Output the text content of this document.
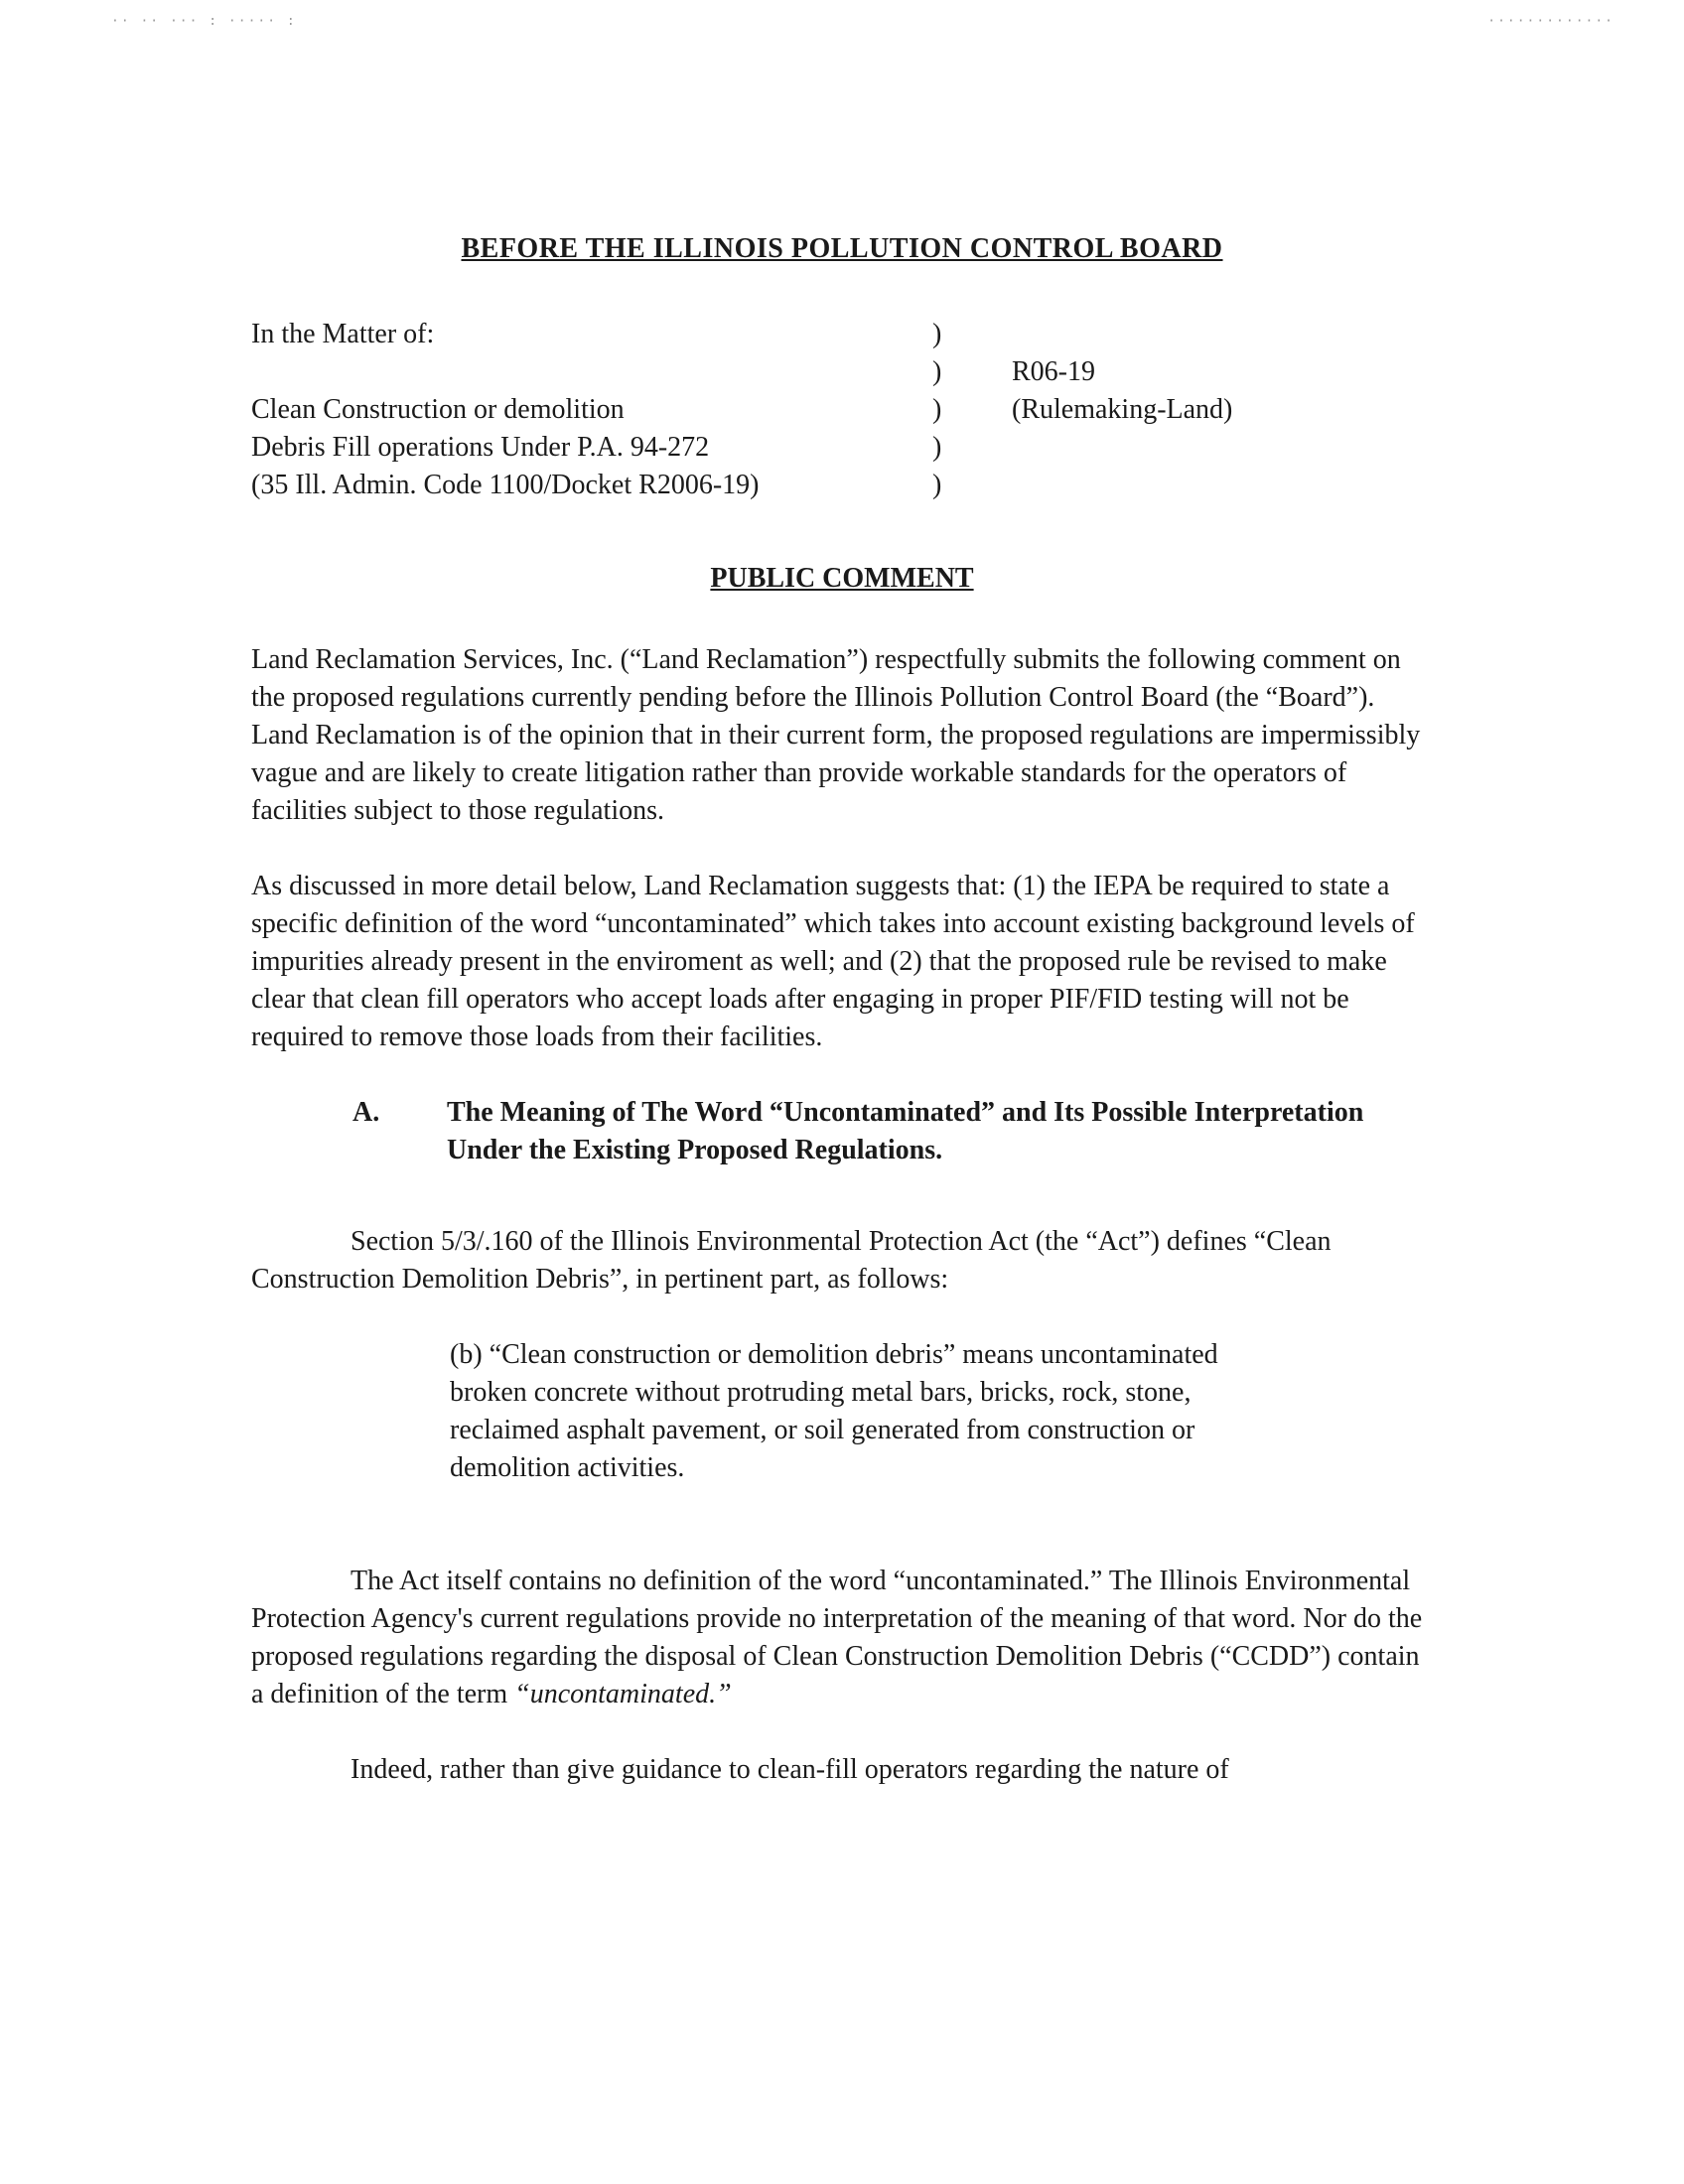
·· ·· ··· : ····· :	·············
BEFORE THE ILLINOIS POLLUTION CONTROL BOARD
In the Matter of:
Clean Construction or demolition
Debris Fill operations Under P.A. 94-272
(35 Ill. Admin. Code 1100/Docket R2006-19)
)
)
)
)
)
R06-19
(Rulemaking-Land)
PUBLIC COMMENT

Land Reclamation Services, Inc. (“Land Reclamation”) respectfully submits the following comment on the proposed regulations currently pending before the Illinois Pollution Control Board (the “Board”). Land Reclamation is of the opinion that in their current form, the proposed regulations are impermissibly vague and are likely to create litigation rather than provide workable standards for the operators of facilities subject to those regulations.

As discussed in more detail below, Land Reclamation suggests that: (1) the IEPA be required to state a specific definition of the word “uncontaminated” which takes into account existing background levels of impurities already present in the enviroment as well; and (2) that the proposed rule be revised to make clear that clean fill operators who accept loads after engaging in proper PIF/FID testing will not be required to remove those loads from their facilities.

A.	The Meaning of The Word “Uncontaminated” and Its Possible Interpretation Under the Existing Proposed Regulations.

Section 5/3/.160 of the Illinois Environmental Protection Act (the “Act”) defines “Clean Construction Demolition Debris”, in pertinent part, as follows:

(b) “Clean construction or demolition debris” means uncontaminated broken concrete without protruding metal bars, bricks, rock, stone, reclaimed asphalt pavement, or soil generated from construction or demolition activities.

The Act itself contains no definition of the word “uncontaminated.” The Illinois Environmental Protection Agency's current regulations provide no interpretation of the meaning of that word. Nor do the proposed regulations regarding the disposal of Clean Construction Demolition Debris (“CCDD”) contain a definition of the term “uncontaminated.”

Indeed, rather than give guidance to clean-fill operators regarding the nature of
